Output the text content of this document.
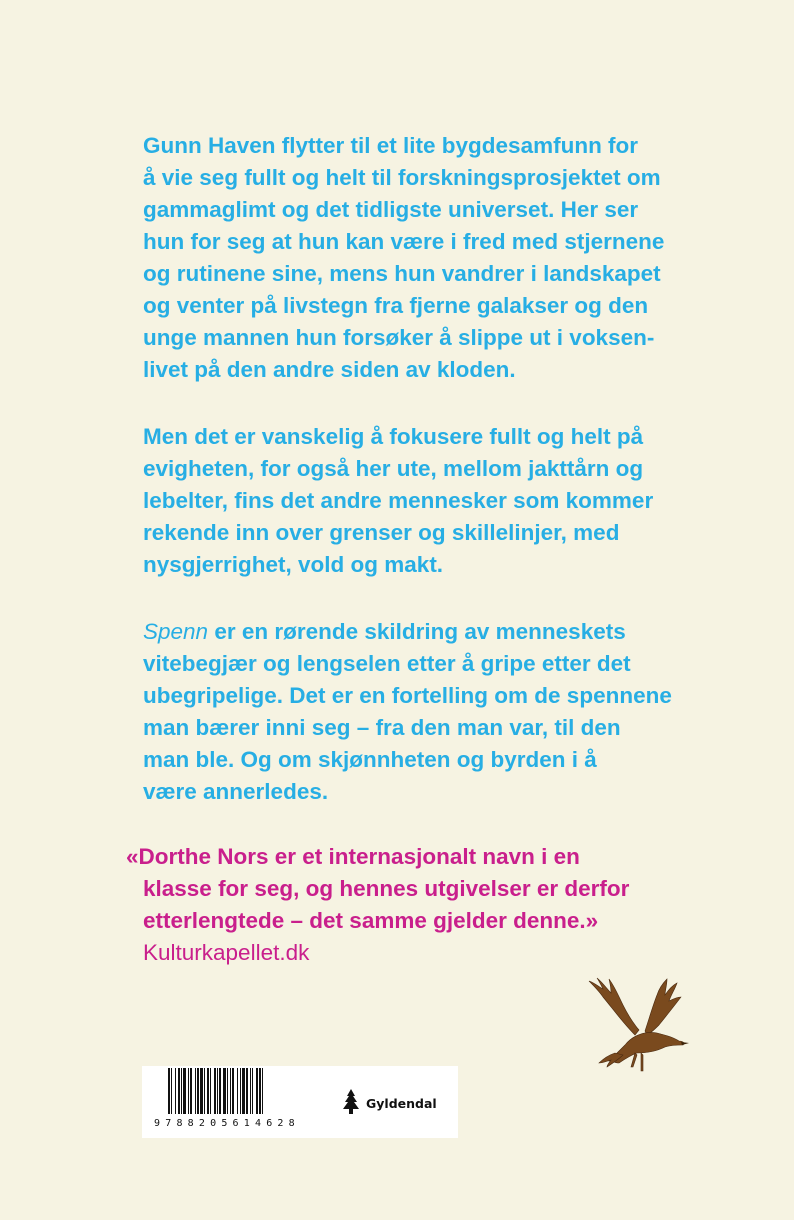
Gunn Haven flytter til et lite bygdesamfunn for
å vie seg fullt og helt til forskningsprosjektet om
gammaglimt og det tidligste universet. Her ser
hun for seg at hun kan være i fred med stjernene
og rutinene sine, mens hun vandrer i landskapet
og venter på livstegn fra fjerne galakser og den
unge mannen hun forsøker å slippe ut i voksen-
livet på den andre siden av kloden.

Men det er vanskelig å fokusere fullt og helt på
evigheten, for også her ute, mellom jakttårn og
lebelter, fins det andre mennesker som kommer
rekende inn over grenser og skillelinjer, med
nysgjerrighet, vold og makt.

Spenn er en rørende skildring av menneskets
vitebegjær og lengselen etter å gripe etter det
ubegripelige. Det er en fortelling om de spennene
man bærer inni seg – fra den man var, til den
man ble. Og om skjønnheten og byrden i å
være annerledes.

«Dorthe Nors er et internasjonalt navn i en
klasse for seg, og hennes utgivelser er derfor
etterlengtede – det samme gjelder denne.»
Kulturkapellet.dk
9788205614628
Gyldendal
